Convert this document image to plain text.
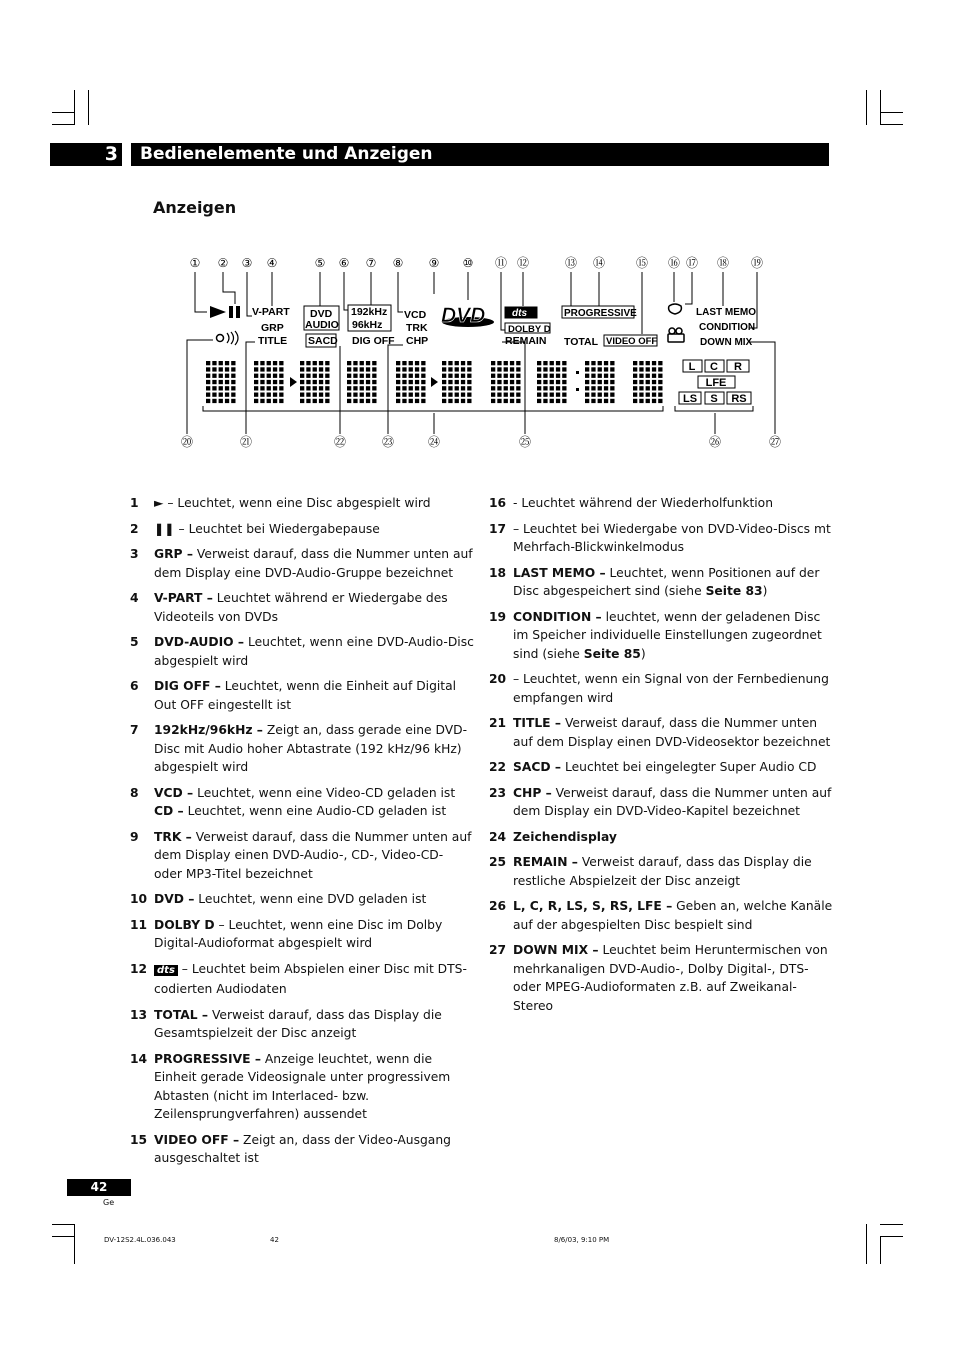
3 Bedienelemente und Anzeigen
Anzeigen
① ② ③ ④	⑤ ⑥ ⑦ ⑧ ⑨ ⑩ ⑪ ⑫	⑬ ⑭	⑮ ⑯ ⑰ ⑱ ⑲
V-PART
GRP
TITLE
DVD
AUDIO
SACD
192kHz
96kHz
DIG OFF
VCD
TRK
CHP
DOLBY D
REMAIN
PROGRESSIVE
TOTAL VIDEO OFF
LAST MEMO
CONDITION
DOWN MIX
dts
DVD
L C R
LFE
LS S RS
⑳	㉑	㉒	㉓	㉔	㉕	㉖	㉗
1 ► – Leuchtet, wenn eine Disc abgespielt wird
2 ❚❚ – Leuchtet bei Wiedergabepause
3 GRP – Verweist darauf, dass die Nummer unten auf dem Display eine DVD-Audio-Gruppe bezeichnet
4 V-PART – Leuchtet während er Wiedergabe des Videoteils von DVDs
5 DVD-AUDIO – Leuchtet, wenn eine DVD-Audio-Disc abgespielt wird
6 DIG OFF – Leuchtet, wenn die Einheit auf Digital Out OFF eingestellt ist
7 192kHz/96kHz – Zeigt an, dass gerade eine DVD-Disc mit Audio hoher Abtastrate (192 kHz/96 kHz) abgespielt wird
8 VCD – Leuchtet, wenn eine Video-CD geladen ist
CD – Leuchtet, wenn eine Audio-CD geladen ist
9 TRK – Verweist darauf, dass die Nummer unten auf dem Display einen DVD-Audio-, CD-, Video-CD- oder MP3-Titel bezeichnet
10 DVD – Leuchtet, wenn eine DVD geladen ist
11 DOLBY D – Leuchtet, wenn eine Disc im Dolby Digital-Audioformat abgespielt wird
12 dts – Leuchtet beim Abspielen einer Disc mit DTS-codierten Audiodaten
13 TOTAL – Verweist darauf, dass das Display die Gesamtspielzeit der Disc anzeigt
14 PROGRESSIVE – Anzeige leuchtet, wenn die Einheit gerade Videosignale unter progressivem Abtasten (nicht im Interlaced- bzw. Zeilensprungverfahren) aussendet
15 VIDEO OFF – Zeigt an, dass der Video-Ausgang ausgeschaltet ist
16 - Leuchtet während der Wiederholfunktion
17 – Leuchtet bei Wiedergabe von DVD-Video-Discs mt Mehrfach-Blickwinkelmodus
18 LAST MEMO – Leuchtet, wenn Positionen auf der Disc abgespeichert sind (siehe Seite 83)
19 CONDITION – leuchtet, wenn der geladenen Disc im Speicher individuelle Einstellungen zugeordnet sind (siehe Seite 85)
20 – Leuchtet, wenn ein Signal von der Fernbedienung empfangen wird
21 TITLE – Verweist darauf, dass die Nummer unten auf dem Display einen DVD-Videosektor bezeichnet
22 SACD – Leuchtet bei eingelegter Super Audio CD
23 CHP – Verweist darauf, dass die Nummer unten auf dem Display ein DVD-Video-Kapitel bezeichnet
24 Zeichendisplay
25 REMAIN – Verweist darauf, dass das Display die restliche Abspielzeit der Disc anzeigt
26 L, C, R, LS, S, RS, LFE – Geben an, welche Kanäle auf der abgespielten Disc bespielt sind
27 DOWN MIX – Leuchtet beim Heruntermischen von mehrkanaligen DVD-Audio-, Dolby Digital-, DTS- oder MPEG-Audioformaten z.B. auf Zweikanal-Stereo
42
Ge
DV-12S2.4L.036.043	42	8/6/03, 9:10 PM
